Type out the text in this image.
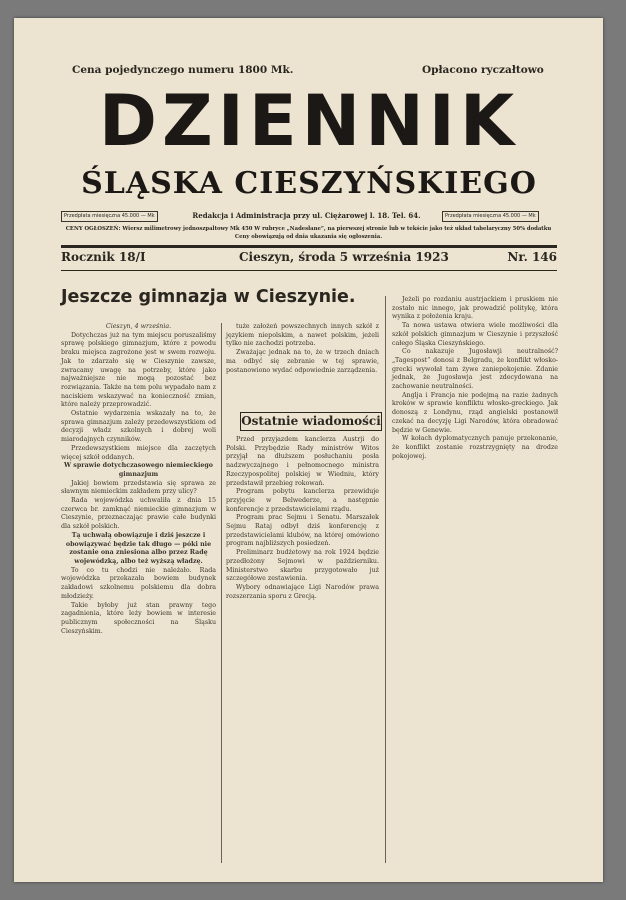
Cena pojedynczego numeru 1800 Mk.	Opłacono ryczałtowo
DZIENNIK
ŚLĄSKA CIESZYŃSKIEGO
Przedpłata miesięczna 45.000 — Mk	Redakcja i Administracja przy ul. Ciężarowej l. 18. Tel. 64.	Przedpłata miesięczna 45.000 — Mk
CENY OGŁOSZEŃ: Wiersz milimetrowy jednoszpaltowy Mk 450 W rubryce „Nadesłane“, na pierwszej stronie lub w tekście jako też układ tabelaryczny 50% dodatku Ceny obowiązują od dnia ukazania się ogłoszenia.
Rocznik 18/I	Cieszyn, środa 5 września 1923	Nr. 146
Jeszcze gimnazja w Cieszynie.

Cieszyn, 4 września.

Dotychczas już na tym miejscu poruszaliśmy sprawę polskiego gimnazjum, które z powodu braku miejsca zagrożone jest w swem rozwoju. Jak to zdarzało się w Cieszynie zawsze, zwracamy uwagę na potrzeby, które jako najważniejsze nie mogą pozostać bez rozwiązania. Także na tem polu wypadało nam z naciskiem wskazywać na konieczność zmian, które należy przeprowadzić.

Ostatnie wydarzenia wskazały na to, że sprawa gimnazjum zależy przedewszystkiem od decyzji władz szkolnych i dobrej woli miarodajnych czynników.

Przedewszystkiem miejsce dla zaczętych więcej szkół oddanych.

W sprawie dotychczasowego niemieckiego gimnazjum

Jakiej bowiem przedstawia się sprawa ze sławnym niemieckim zakładem przy ulicy?

Rada wojewódzka uchwaliła z dnia 15 czerwca br. zamknąć niemieckie gimnazjum w Cieszynie, przeznaczając prawie całe budynki dla szkół polskich.

Tą uchwałą obowiązuje i dziś jeszcze i obowiązywać będzie tak długo — póki nie zostanie ona zniesiona albo przez Radę wojewódzką, albo też wyższą władzę.

To co tu chodzi nie należało. Rada wojewódzka przekazała bowiem budynek zakładowi szkolnemu polskiemu dla dobra młodzieży.

Takie byłoby już stan prawny tego zagadnienia, które leży bowiem w interesie publicznym społeczności na Śląsku Cieszyńskim.

tuże założeń powszechnych innych szkół z językiem niepolskim, a nawet polskim, jeżeli tylko nie zachodzi potrzeba.

Zważając jednak na to, że w trzech dniach ma odbyć się zebranie w tej sprawie, postanowiono wydać odpowiednie zarządzenia.

Ostatnie wiadomości

Przed przyjazdem kanclerza Austrji do Polski. Przybędzie Rady ministrów Witos przyjął na dłuższem posłuchaniu posła nadzwyczajnego i pełnomocnego ministra Rzeczypospolitej polskiej w Wiedniu, który przedstawił przebieg rokowań.

Program pobytu kanclerza przewiduje przyjęcie w Belwederze, a następnie konferencje z przedstawicielami rządu.

Program prac Sejmu i Senatu. Marszałek Sejmu Rataj odbył dziś konferencję z przedstawicielami klubów, na której omówiono program najbliższych posiedzeń.

Preliminarz budżetowy na rok 1924 będzie przedłożony Sejmowi w październiku. Ministerstwo skarbu przygotowało już szczegółowe zestawienia.

Wybory odnawiające Ligi Narodów prawa rozszerzania sporu z Grecją.

Jeżeli po rozdaniu austrjackiem i pruskiem nie zostało nic innego, jak prowadzić politykę, która wynika z położenia kraju.

Ta nowa ustawa otwiera wiele możliwości dla szkół polskich gimnazjum w Cieszynie i przyszłość całego Śląska Cieszyńskiego.

Co nakazuje Jugosławji neutralność? „Tagespost“ donosi z Belgradu, że konflikt włosko-grecki wywołał tam żywe zaniepokojenie. Zdanie jednak, że Jugosławja jest zdecydowana na zachowanie neutralności.

Anglja i Francja nie podejmą na razie żadnych kroków w sprawie konfliktu włosko-greckiego. Jak donoszą z Londynu, rząd angielski postanowił czekać na decyzję Ligi Narodów, która obradować będzie w Genewie.

W kołach dyplomatycznych panuje przekonanie, że konflikt zostanie rozstrzygnięty na drodze pokojowej.
